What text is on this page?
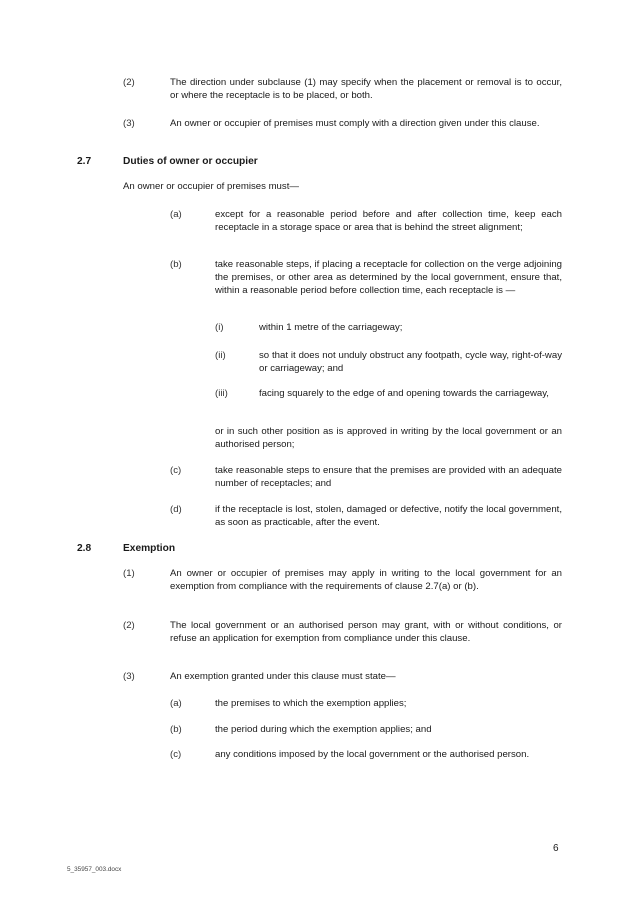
(2)	The direction under subclause (1) may specify when the placement or removal is to occur, or where the receptacle is to be placed, or both.
(3)	An owner or occupier of premises must comply with a direction given under this clause.
2.7	Duties of owner or occupier
An owner or occupier of premises must—
(a)	except for a reasonable period before and after collection time, keep each receptacle in a storage space or area that is behind the street alignment;
(b)	take reasonable steps, if placing a receptacle for collection on the verge adjoining the premises, or other area as determined by the local government, ensure that, within a reasonable period before collection time, each receptacle is —
(i)	within 1 metre of the carriageway;
(ii)	so that it does not unduly obstruct any footpath, cycle way, right-of-way or carriageway; and
(iii)	facing squarely to the edge of and opening towards the carriageway,
or in such other position as is approved in writing by the local government or an authorised person;
(c)	take reasonable steps to ensure that the premises are provided with an adequate number of receptacles; and
(d)	if the receptacle is lost, stolen, damaged or defective, notify the local government, as soon as practicable, after the event.
2.8	Exemption
(1)	An owner or occupier of premises may apply in writing to the local government for an exemption from compliance with the requirements of clause 2.7(a) or (b).
(2)	The local government or an authorised person may grant, with or without conditions, or refuse an application for exemption from compliance under this clause.
(3)	An exemption granted under this clause must state—
(a)	the premises to which the exemption applies;
(b)	the period during which the exemption applies; and
(c)	any conditions imposed by the local government or the authorised person.
6
5_35957_003.docx
